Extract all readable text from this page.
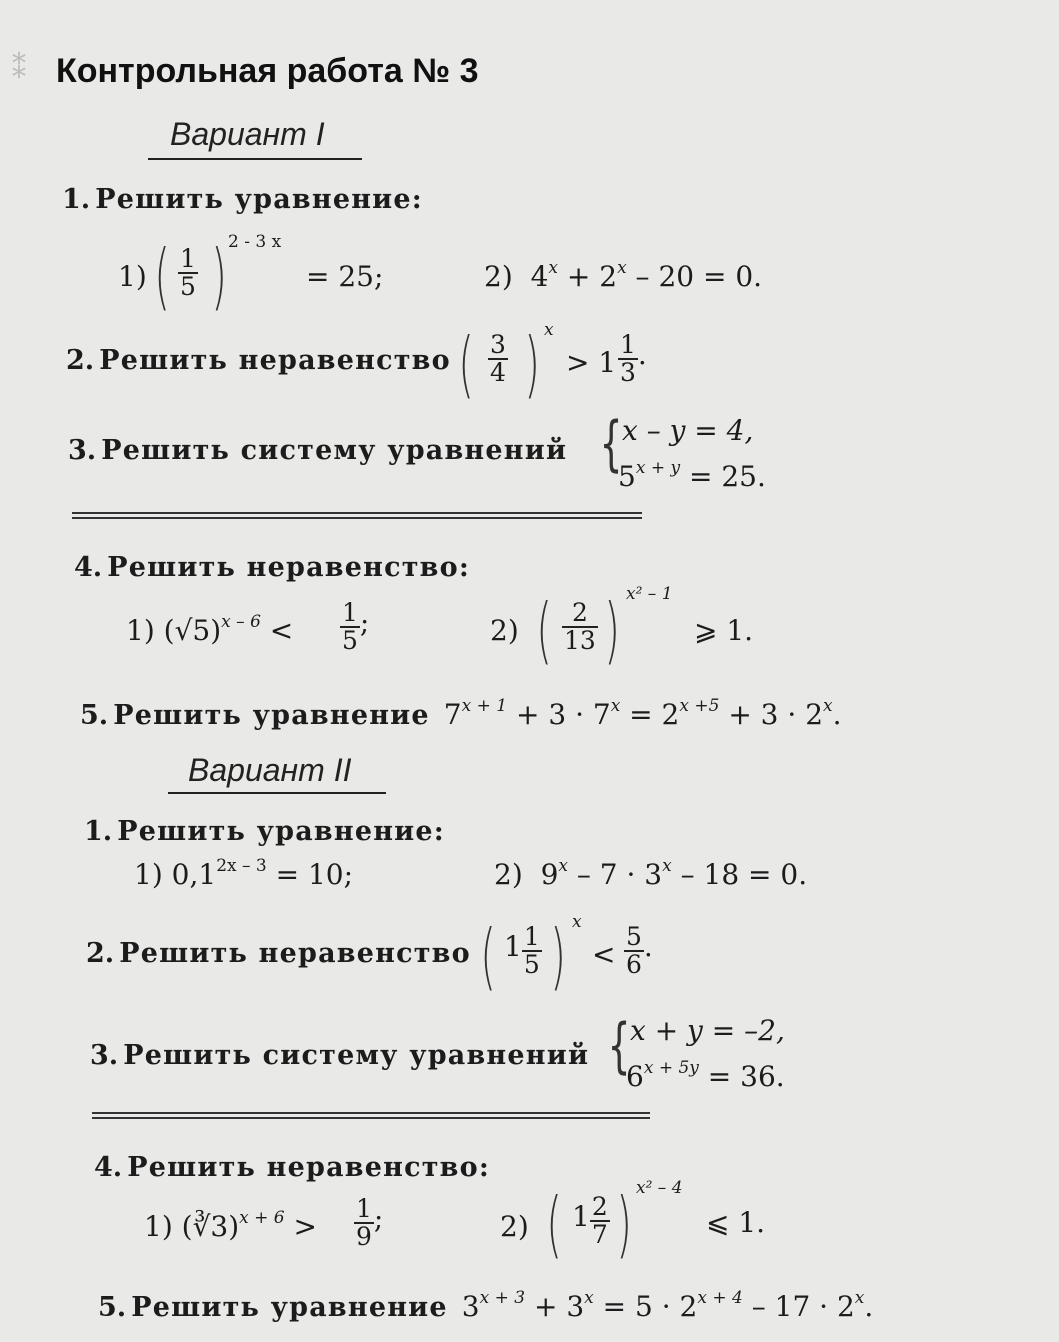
⁑ Контрольная работа № 3
Вариант I
1. Решить уравнение:
1) ( $\frac{1}{5}$ ) 2 - 3 x
= 25;	2) $4^x + 2^x - 20 = 0$.
2. Решить неравенство ( $\frac{3}{4}$ ) x
> $1 \frac{1}{3}$ .
3. Решить систему уравнений { x – y = 4,
$5^{x + y} = 25$.
4. Решить неравенство:
1) $(√5)^{x - 6} < \frac{1}{5}$ ;	2) ( $\frac{2}{13}$ ) x² – 1
⩾ 1.
5. Решить уравнение $7^{x + 1} + 3 \cdot 7^x = 2^{x +5} + 3 \cdot 2^x$.
Вариант II
1. Решить уравнение:
1) $0,1^{2x - 3} = 10$;	2) $9^x - 7 \cdot 3^x - 18 = 0$.
2. Решить неравенство ( $1 \frac{1}{5}$ ) x
< $\frac{5}{6}$ .
3. Решить систему уравнений { x + y = –2,
$6^{x + 5y} = 36$.
4. Решить неравенство:
1) (∛3)$^{x + 6}$ > $\frac{1}{9}$ ;	2) ( $1 \frac{2}{7}$ ) x² – 4
⩽ 1.
5. Решить уравнение $3^{x + 3} + 3^x = 5 \cdot 2^{x + 4} - 17 \cdot 2^x$.
